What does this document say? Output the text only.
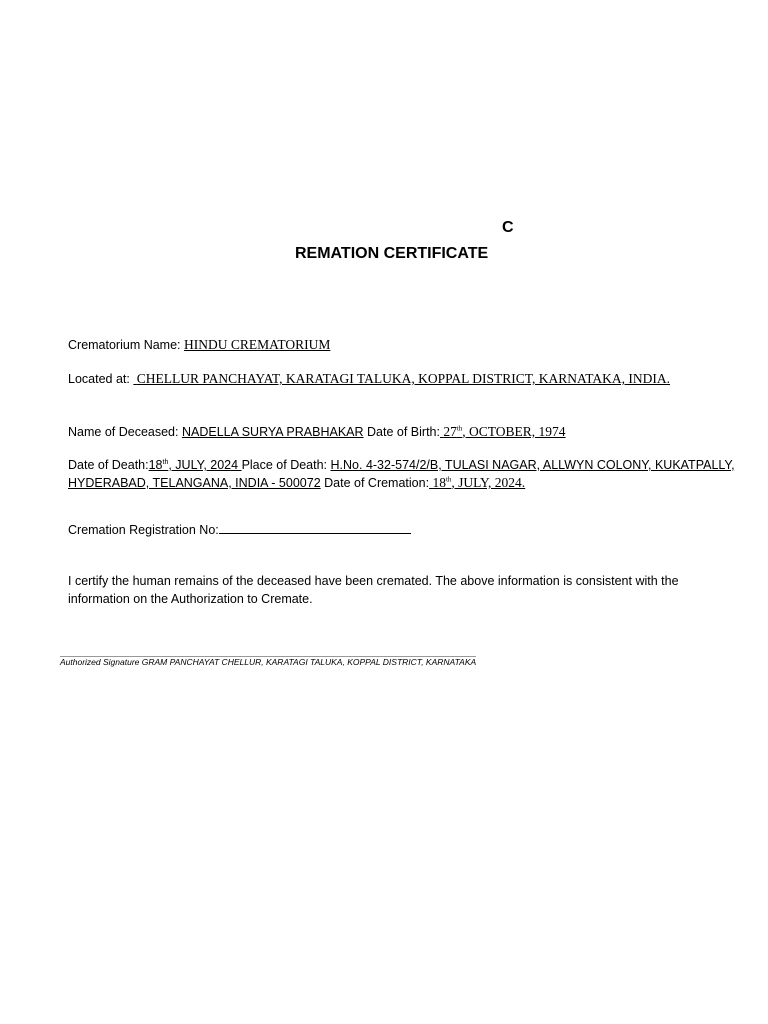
C
REMATION CERTIFICATE
Crematorium Name: HINDU CREMATORIUM
Located at: CHELLUR PANCHAYAT, KARATAGI TALUKA, KOPPAL DISTRICT, KARNATAKA, INDIA.
Name of Deceased: NADELLA SURYA PRABHAKAR Date of Birth: 27th, OCTOBER, 1974
Date of Death:18th, JULY, 2024 Place of Death: H.No. 4-32-574/2/B, TULASI NAGAR, ALLWYN COLONY, KUKATPALLY,
HYDERABAD, TELANGANA, INDIA - 500072 Date of Cremation: 18th, JULY, 2024.
Cremation Registration No:
I certify the human remains of the deceased have been cremated. The above information is consistent with the information on the Authorization to Cremate.
Authorized Signature GRAM PANCHAYAT CHELLUR, KARATAGI TALUKA, KOPPAL DISTRICT, KARNATAKA
